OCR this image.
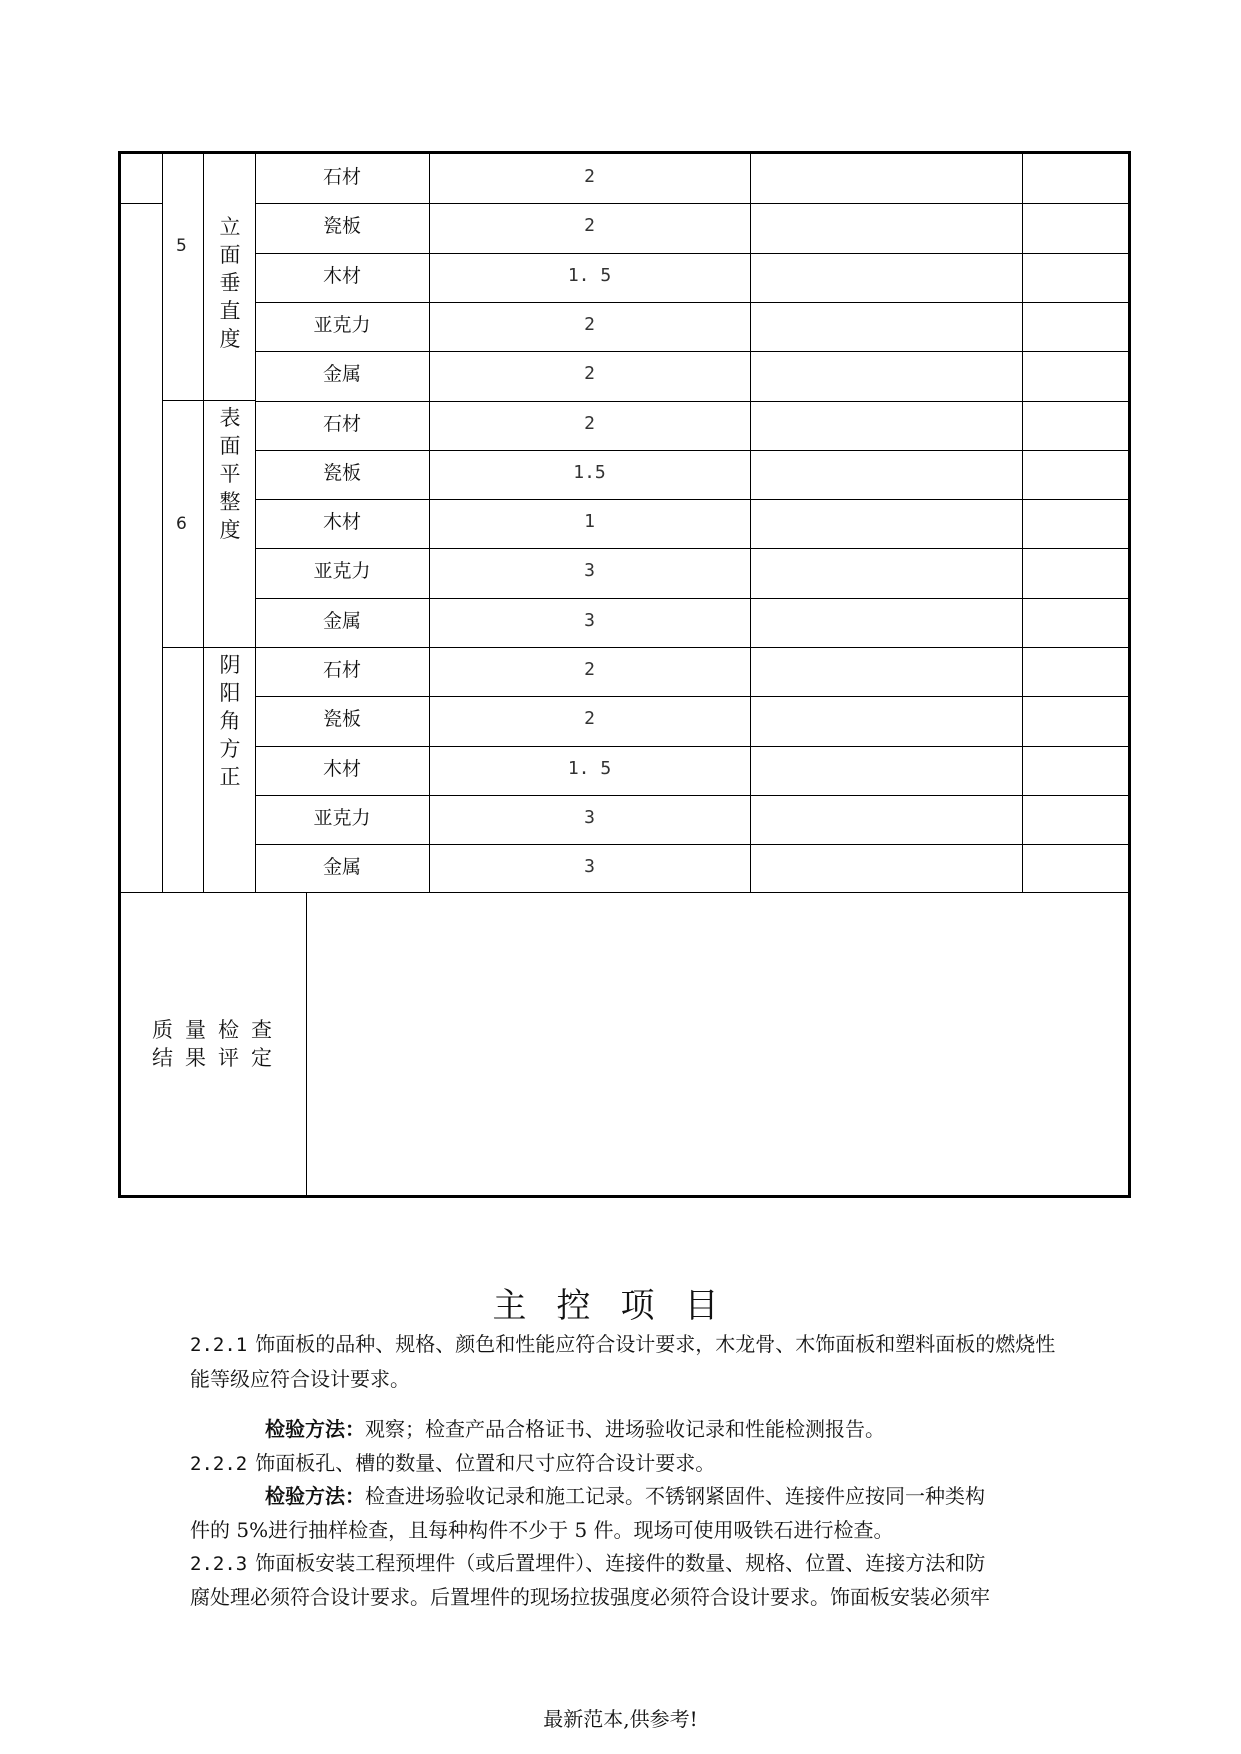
5
立面垂直度
石材	2
瓷板	2
木材	1. 5
亚克力	2
金属	2
6
表面平整度
石材	2
瓷板	1.5
木材	1
亚克力	3
金属	3
阴阳角方正
石材	2
瓷板	2
木材	1. 5
亚克力	3
金属	3
质量检查
结果评定
主控项目
2.2.1 饰面板的品种、规格、颜色和性能应符合设计要求，木龙骨、木饰面板和塑料面板的燃烧性能等级应符合设计要求。
检验方法：观察；检查产品合格证书、进场验收记录和性能检测报告。
2.2.2 饰面板孔、槽的数量、位置和尺寸应符合设计要求。
检验方法：检查进场验收记录和施工记录。不锈钢紧固件、连接件应按同一种类构
件的 5%进行抽样检查，且每种构件不少于 5 件。现场可使用吸铁石进行检查。
2.2.3 饰面板安装工程预埋件（或后置埋件）、连接件的数量、规格、位置、连接方法和防
腐处理必须符合设计要求。后置埋件的现场拉拔强度必须符合设计要求。饰面板安装必须牢
最新范本,供参考!
